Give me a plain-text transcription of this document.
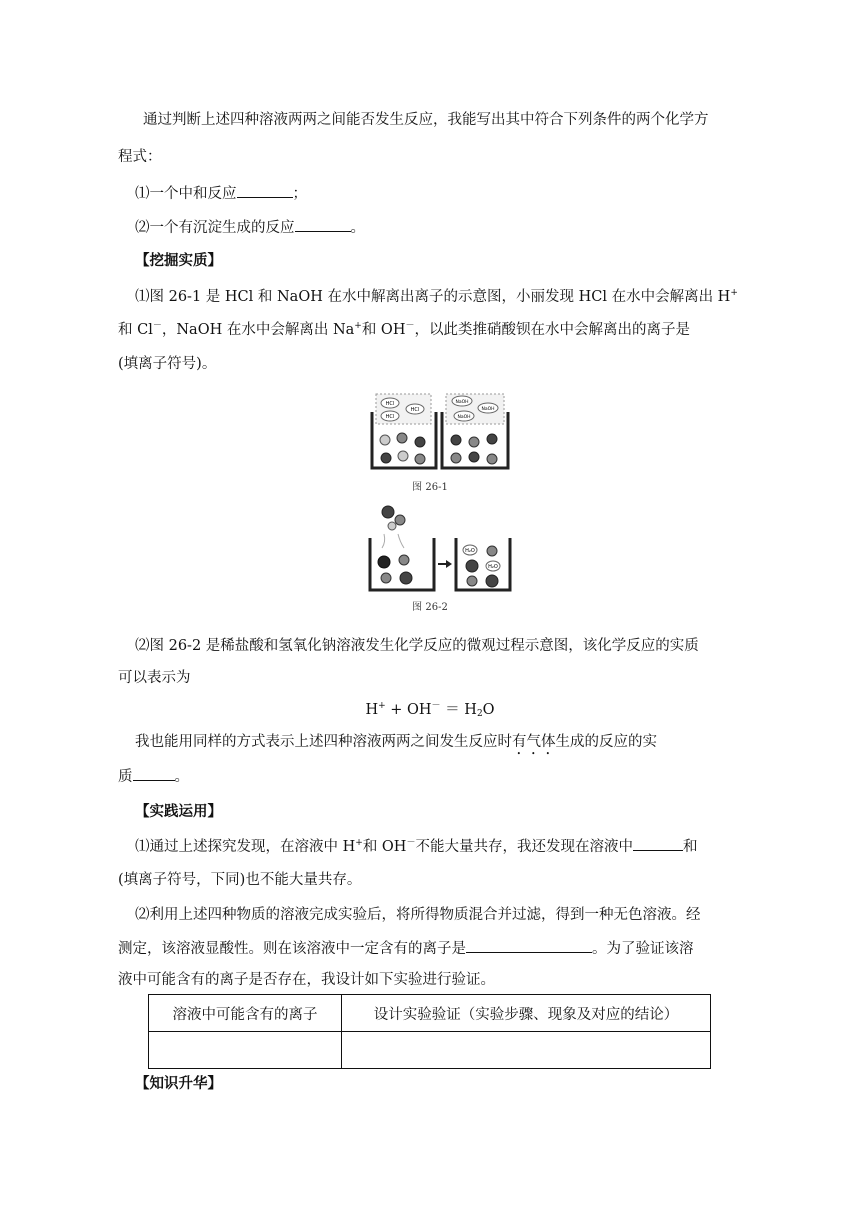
通过判断上述四种溶液两两之间能否发生反应，我能写出其中符合下列条件的两个化学方
程式：
⑴一个中和反应	；
⑵一个有沉淀生成的反应	。
【挖掘实质】
⑴图 26-1 是 HCl 和 NaOH 在水中解离出离子的示意图，小丽发现 HCl 在水中会解离出 H+
和 Cl－，NaOH 在水中会解离出 Na+和 OH－，以此类推硝酸钡在水中会解离出的离子是
(填离子符号)。
HCl
HCl
HCl
NaOH
NaOH
NaOH
图 26-1
H₂O
H₂O
图 26-2
⑵图 26-2 是稀盐酸和氢氧化钠溶液发生化学反应的微观过程示意图，该化学反应的实质
可以表示为
$H^+ + OH^- = H_2O$
我也能用同样的方式表示上述四种溶液两两之间发生反应时有气体生成的反应的实
质	。
【实践运用】
⑴通过上述探究发现，在溶液中 H+和 OH－不能大量共存，我还发现在溶液中	和
(填离子符号，下同)也不能大量共存。
⑵利用上述四种物质的溶液完成实验后，将所得物质混合并过滤，得到一种无色溶液。经
测定，该溶液显酸性。则在该溶液中一定含有的离子是	。为了验证该溶
液中可能含有的离子是否存在，我设计如下实验进行验证。
溶液中可能含有的离子	设计实验验证（实验步骤、现象及对应的结论）

【知识升华】
